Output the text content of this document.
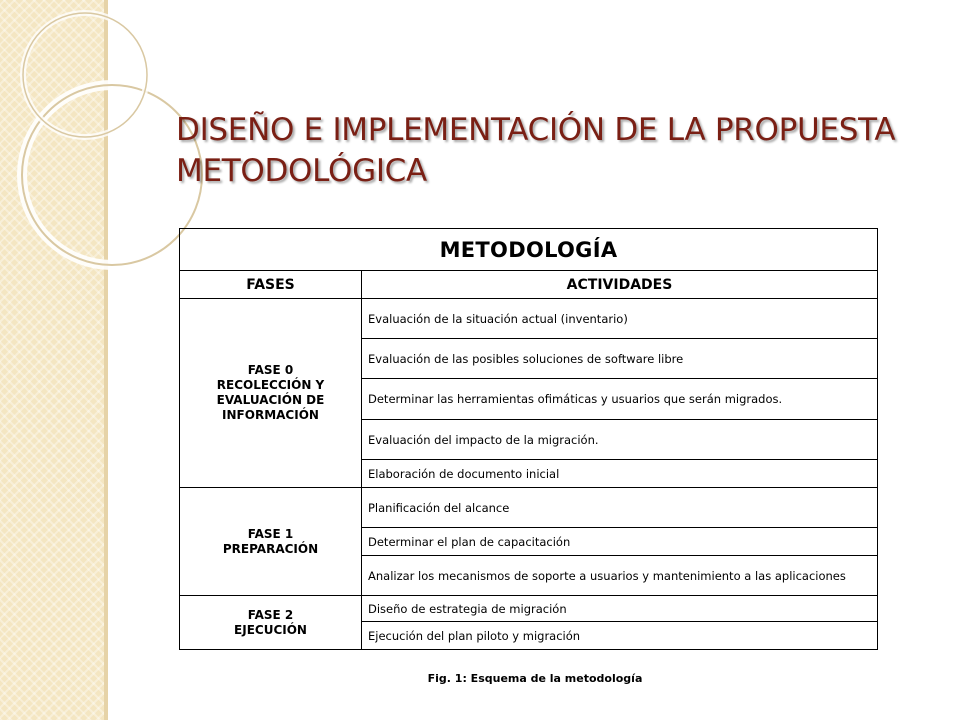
DISEÑO E IMPLEMENTACIÓN DE LA PROPUESTA METODOLÓGICA
METODOLOGÍA	
FASES	ACTIVIDADES

FASE 0
RECOLECCIÓN Y EVALUACIÓN DE INFORMACIÓN	Evaluación de la situación actual (inventario)
	Evaluación de las posibles soluciones de software libre
	Determinar las herramientas ofimáticas y usuarios que serán migrados.
	Evaluación del impacto de la migración.
	Elaboración de documento inicial

FASE 1
PREPARACIÓN	Planificación del alcance
	Determinar el plan de capacitación
	Analizar los mecanismos de soporte a usuarios y mantenimiento a las aplicaciones

FASE 2
EJECUCIÓN	Diseño de estrategia de migración
	Ejecución del plan piloto y migración
Fig. 1: Esquema de la metodología
